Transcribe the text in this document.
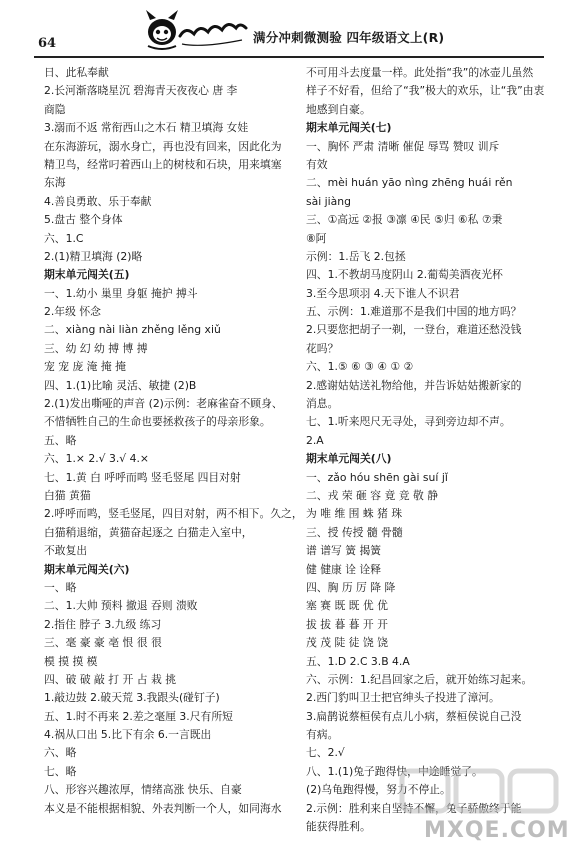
64	满分冲刺微测验 四年级语文上(R)
日、此私奉献
2.长河渐落晓星沉 碧海青天夜夜心 唐 李
商隐
3.溺而不返 常衔西山之木石 精卫填海 女娃
在东海游玩，溺水身亡，再也没有回来，因此化为
精卫鸟，经常叼着西山上的树枝和石块，用来填塞
东海
4.善良勇敢、乐于奉献
5.盘古 整个身体
六、1.C
2.(1)精卫填海 (2)略
期末单元闯关(五)
一、1.幼小 巢里 身躯 掩护 搏斗
2.年级 怀念
二、xiàng nài liàn zhěng lěng xiǔ
三、幼 幻 幼 搏 博 搏
宠 宠 庞 淹 掩 掩
四、1.(1)比喻 灵活、敏捷 (2)B
2.(1)发出嘶哑的声音 (2)示例：老麻雀奋不顾身、
不惜牺牲自己的生命也要拯救孩子的母亲形象。
五、略
六、1.× 2.√ 3.√ 4.×
七、1.黄 白 呼呼而鸣 竖毛竖尾 四目对射
白猫 黄猫
2.呼呼而鸣，竖毛竖尾，四目对射，两不相下。久之，
白猫稍退缩，黄猫奋起逐之 白猫走入室中，
不敢复出
期末单元闯关(六)
一、略
二、1.大帅 预料 撤退 吞则 溃败
2.指住 脖子 3.九级 练习
三、毫 豪 豪 亳 恨 很 很
模 摸 摸 模
四、破 破 敲 打 开 占 栽 挑
1.敲边鼓 2.破天荒 3.我跟头(碰钉子)
五、1.时不再来 2.差之毫厘 3.尺有所短
4.祸从口出 5.比下有余 6.一言既出
六、略
七、略
八、形容兴趣浓厚，情绪高涨 快乐、自豪
本义是不能根据相貌、外表判断一个人，如同海水
不可用斗去度量一样。此处指“我”的冰壶儿虽然
样子不好看，但给了“我”极大的欢乐，让“我”由衷
地感到自豪。
期末单元闯关(七)
一、胸怀 严肃 清晰 催促 辱骂 赞叹 训斥
有效
二、mèi huán yāo nìng zhēng huái rěn
sài jiàng
三、①高远 ②报 ③凛 ④民 ⑤归 ⑥私 ⑦秉
⑧阿
示例：1.岳飞 2.包拯
四、1.不教胡马度阴山 2.葡萄美酒夜光杯
3.至今思项羽 4.天下谁人不识君
五、示例：1.难道那不是我们中国的地方吗？
2.只要您把胡子一剃，一登台，难道还愁没钱
花吗？
六、1.⑤ ⑥ ③ ④ ① ②
2.感谢姑姑送礼物给他，并告诉姑姑搬新家的
消息。
七、1.听来咫尺无寻处，寻到旁边却不声。
2.A
期末单元闯关(八)
一、zǎo hóu shēn gài suí jǐ
二、戎 荣 砸 容 竟 竞 敬 静
为 唯 维 围 蛛 猪 珠
三、授 传授 髓 骨髓
谱 谱写 簧 揭簧
健 健康 诠 诠释
四、胸 历 厉 降 降
塞 赛 既 既 优 优
拔 拔 暮 暮 开 开
茂 茂 陡 徒 饶 饶
五、1.D 2.C 3.B 4.A
六、示例：1.纪昌回家之后，就开始练习起来。
2.西门豹叫卫士把官绅头子投进了漳河。
3.扁鹊说蔡桓侯有点儿小病，蔡桓侯说自己没
有病。
七、2.√
八、1.(1)兔子跑得快，中途睡觉了。
(2)乌龟跑得慢，努力不停止。
2.示例：胜利来自坚持不懈，兔子骄傲终于能
能获得胜利。	MXQE.COM
